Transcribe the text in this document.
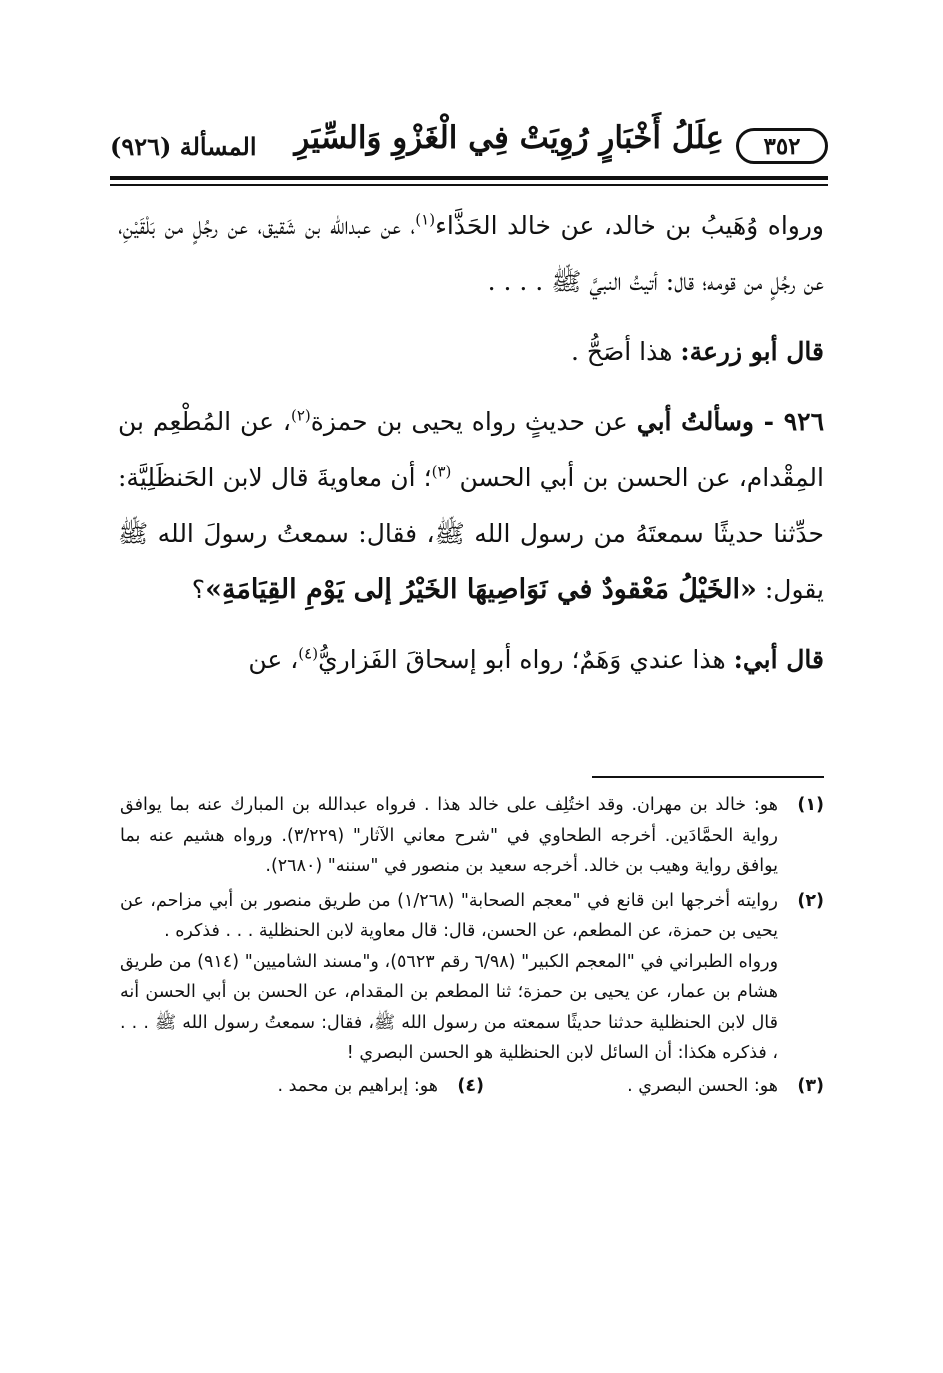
٣٥٢
عِلَلُ أَخْبَارٍ رُوِيَتْ فِي الْغَزْوِ وَالسِّيَرِ
المسألة (٩٢٦)

ورواه وُهَيبُ بن خالد، عن خالد الحَذَّاء$^{(١)}$، عن عبدالله بن شَقيق، عن رجُلٍ من بَلْقَيْنِ، عن رجُلٍ من قومه؛ قال: أتيتُ النبيَّ ﷺ . . . .

قال أبو زرعة: هذا أصَحُّ .

٩٢٦ - وسألتُ أبي عن حديثٍ رواه يحيى بن حمزة$^{(٢)}$، عن المُطْعِم بن المِقْدام، عن الحسن بن أبي الحسن $^{(٣)}$؛ أن معاويةَ قال لابن الحَنظَلِيَّة: حدِّثنا حديثًا سمعتَهُ من رسول الله ﷺ، فقال: سمعتُ رسولَ الله ﷺ يقول: «الخَيْلُ مَعْقودٌ في نَوَاصِيهَا الخَيْرُ إلى يَوْمِ القِيَامَةِ»؟

قال أبي: هذا عندي وَهَمٌ؛ رواه أبو إسحاقَ الفَزاريُّ$^{(٤)}$، عن

(١)

هو: خالد بن مهران. وقد اختُلِف على خالد هذا . فرواه عبدالله بن المبارك عنه بما يوافق رواية الحمَّادَين. أخرجه الطحاوي في "شرح معاني الآثار" (٣/٢٢٩). ورواه هشيم عنه بما يوافق رواية وهيب بن خالد. أخرجه سعيد بن منصور في "سننه" (٢٦٨٠).

(٢)

روايته أخرجها ابن قانع في "معجم الصحابة" (١/٢٦٨) من طريق منصور بن أبي مزاحم، عن يحيى بن حمزة، عن المطعم، عن الحسن، قال: قال معاوية لابن الحنظلية . . . فذكره .

ورواه الطبراني في "المعجم الكبير" (٦/٩٨ رقم ٥٦٢٣)، و"مسند الشاميين" (٩١٤) من طريق هشام بن عمار، عن يحيى بن حمزة؛ ثنا المطعم بن المقدام، عن الحسن بن أبي الحسن أنه قال لابن الحنظلية حدثنا حديثًا سمعته من رسول الله ﷺ، فقال: سمعتُ رسول الله ﷺ . . . ، فذكره هكذا: أن السائل لابن الحنظلية هو الحسن البصري !

(٣)
هو: الحسن البصري .
(٤)
هو: إبراهيم بن محمد .
